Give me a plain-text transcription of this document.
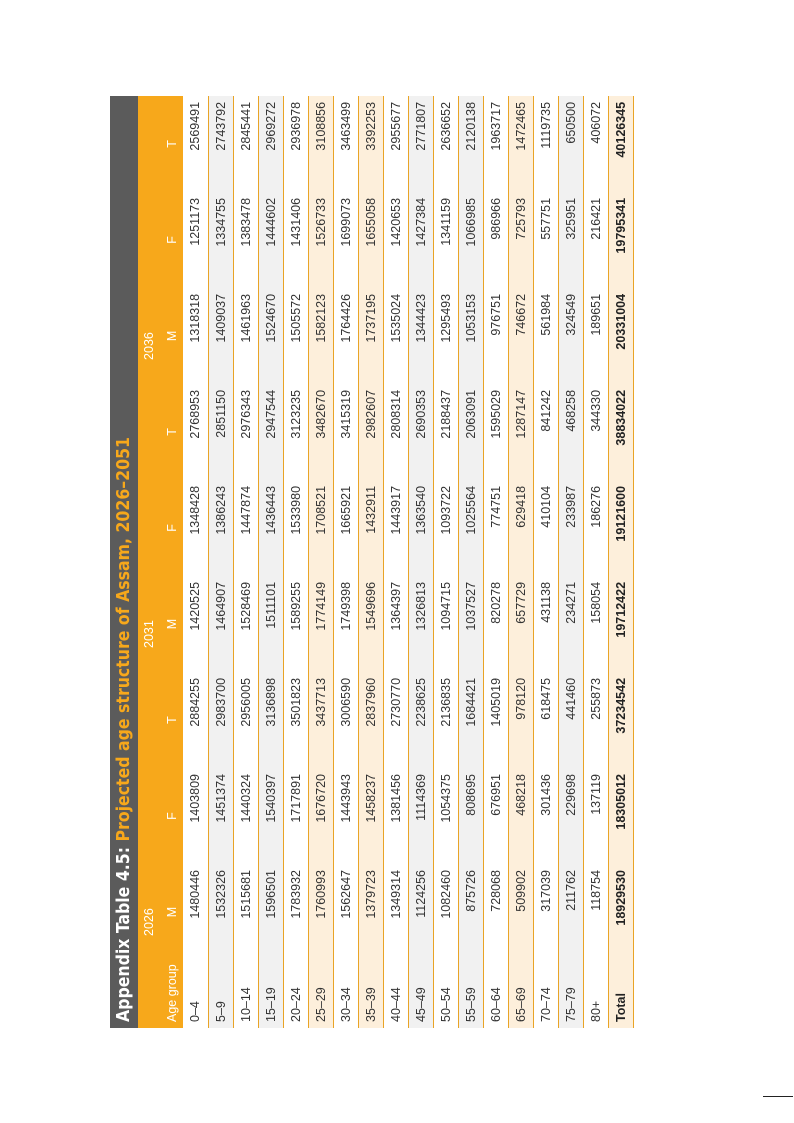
Appendix Table 4.5: Projected age structure of Assam, 2026–2051
	2026			2031			2036		
Age group	M	F	T	M	F	T	M	F	T
0–4	1480446	1403809	2884255	1420525	1348428	2768953	1318318	1251173	2569491
5–9	1532326	1451374	2983700	1464907	1386243	2851150	1409037	1334755	2743792
10–14	1515681	1440324	2956005	1528469	1447874	2976343	1461963	1383478	2845441
15–19	1596501	1540397	3136898	1511101	1436443	2947544	1524670	1444602	2969272
20–24	1783932	1717891	3501823	1589255	1533980	3123235	1505572	1431406	2936978
25–29	1760993	1676720	3437713	1774149	1708521	3482670	1582123	1526733	3108856
30–34	1562647	1443943	3006590	1749398	1665921	3415319	1764426	1699073	3463499
35–39	1379723	1458237	2837960	1549696	1432911	2982607	1737195	1655058	3392253
40–44	1349314	1381456	2730770	1364397	1443917	2808314	1535024	1420653	2955677
45–49	1124256	1114369	2238625	1326813	1363540	2690353	1344423	1427384	2771807
50–54	1082460	1054375	2136835	1094715	1093722	2188437	1295493	1341159	2636652
55–59	875726	808695	1684421	1037527	1025564	2063091	1053153	1066985	2120138
60–64	728068	676951	1405019	820278	774751	1595029	976751	986966	1963717
65–69	509902	468218	978120	657729	629418	1287147	746672	725793	1472465
70–74	317039	301436	618475	431138	410104	841242	561984	557751	1119735
75–79	211762	229698	441460	234271	233987	468258	324549	325951	650500
80+	118754	137119	255873	158054	186276	344330	189651	216421	406072
Total	18929530	18305012	37234542	19712422	19121600	38834022	20331004	19795341	40126345
